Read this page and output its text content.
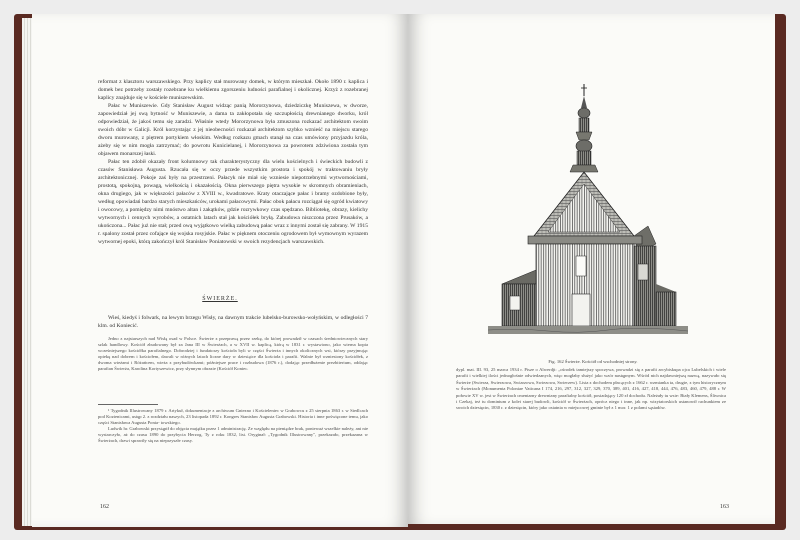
reformat z klasztoru warszawskiego. Przy kaplicy stał murowany domek, w którym mieszkał. Około 1890 r. kaplica i domek bez potrzeby zostały rozebrane ku wielkiemu zgorszeniu ludności parafialnej i okolicznej. Krzyż z rozebranej kaplicy znajduje się w kościele muniszewskim.

Pałac w Muniszewie. Gdy Stanisław August widząc panią Mororzynowa, dziedziczkę Muniszewa, w dworze, zapowiedział jej swą bytność w Muniszewie, a dama ta zakłopotała się szczupłością drewnianego dworku, król odpowiedział, że jakoś temu się zaradzi. Właśnie wtedy Mororzynowa była zmuszona rozkazać architektom swoim swoich dóbr w Galicji. Król korzystając z jej nieobecności rozkazał architektom szybko wznieść na miejscu starego dworu murowany, z piętrem portykiem włoskim. Według rozkazu gmach stanął na czas umówiony przyjazdu króla, ażeby się w nim mogła zatrzymać; do powrotu Kunicielanej, i Mororzynowa za powrotem zdziwiona została tym objawem monarszej łaski.

Pałac ten zdobił okazały front kolumnowy tak charakterystyczny dla wielu kościelnych i świeckich budowli z czasów Stanisława Augusta. Rzucała się w oczy przede wszystkim prostota i spokój w traktowaniu bryły architektonicznej. Pokoje zaś były na przestrzeni. Pałacyk nie miał się wzniesie niepotrzebnymi wytwornościami, prostotą, spokojną, powagą, wielkością i okazałością. Okna pierwszego piętra wysokie w skromnych obramieniach, okna drugiego, jak w większości pałaców z XVIII w., kwadratowe. Kraty otaczające pałac i bramy ozdobione były, według opowiadań bardzo starych mieszkańców, urokami pałacowymi. Pałac obok pałacu rozciągał się ogród kwiatowy i owocowy, a pomiędzy nimi mnóstwo altan i zakątków, gdzie rozrywkowy czas spędzano. Bibliotekę, obrazy, kielichy wytwornych i cennych wyrobów, a ostatnich latach stał jak kościółek bryłą. Zabudowa niszczona przez Prusaków, a ukończona... Pałac już nie stał; przed ową wyjątkowo wielką zabudową pałac wraz z innymi został się zabrany. W 1915 r. spalony został przez cofające się wojska rosyjskie. Pałac w pięknem otoczeniu ogrodowem był wymownym wyrazem wytwornej epoki, którą zakończył król Stanisław Poniatowski w swoich rezydencjach warszawskich.

ŚWIERŻE.

Wieś, kiedyś i folwark, na lewym brzegu Wisły, na dawnym trakcie lubelsko-burowsko-wołyńskim, w odległości 7 klm. od Koniecić.

Jedno z najstarszych nad Wisłą osad w Polsce. Świerże z przeprawą przez rzekę, do której prowadził w czasach średniowiecznych stary szlak handlowy. Kościół zbudowany był za Jana III w Świerżach, a w XVII w. kaplicą, którą w 1831 r. wystawiono, jako wierna kopia wcześniejszego kościółka parafialnego. Dobrodziej i fundatorzy kościoła byli w części Świerża i innych okolicznych wsi, którzy przyjmując opiekę nad dobrem i kościołem, dawali w różnych latach liczne dary w dziesiątce dla kościoła i parafii. Walnie był wzniesiony kościółek, z dwoma wieżami i Różańcem, wieża z przybudówkami; późniejsze prace i rozbudowa (1876 r.), dodając przedłużenie prezbiterium, oddając parafian Świerża, Karolina Kortyszewicz, przy słynnym obrazie (Kościół Koniec.

¹ Tygodnik Illustrowany 1879 r. Artykuł, dokumentacje z archiwum Gniezno i Kościeleniec w Grabowcu z 25 sierpnia 1863 r. w Siedlcach pod Kozienicami, ustęp 2. z rozdziału naszych, 23 listopada 1892 r. Kongres Stanisław Augusta Grabowski. Historia i inne poświęcone temu, jako części Stanisława Augusta Ponia- towskiego.

Ludwik hr. Grabowski przystąpił do objęcia majątku przez 1 administrację. Ze względu na pieniądze brak, ponieważ wszelkie należy, ani nie wystarczyło, aż do czasu 1890 do przybycia Herzog, Ty z roku 1832, list. Oryginał: „Tygodnik Illustrowany", przekazało, przekazana w Świerżach, drzwi sprawiły się na nieprzyszłe czasy.

162
Fig. 162 Świerże. Kościół od wschodniej strony.

dypl. mat. III. 93, 25 marca 1934 r. Pisze o Alwerdji: „ośrodek tamtejszy spoczywa, prowadzi się z parafii arcybiskupa ojca Lubelskich i wiele parafii i wielkiej ilości jednogłośnie odwiedzanych, więc mogłaby służyć jako wzór następnym. Wśród nich najdawniejszą nazwą, nazywało się Świerże (Swierza, Swierzowa, Swiarzowa, Swiezowa, Swierzew). Lista z dochodem płacących z 1662 r. wzmianka ta, drugie, z tym historycznym w Świerżach (Monumenta Poloniae Vaticana I 174, 216, 297, 312, 327, 329, 370, 389, 401, 416, 427, 418, 444, 476, 483, 460, 479, 488 r. W połowie XV w. jest w Świerżach cmentarny drewniany parafialny kościół, posiadający 120 zł dochodu. Należały tu wsie: Biały Klemens, Śliwnica i Czekaj, też tu dominium z kolei starej budowli, kościół w Świerżach, oprócz niego i inne, jak np. wizytatorskich ustanowił rachunkiem ze swoich dziesięcin, 1830 r. z dziesięcin, który jako ostatnia w miejscowej gminie był z 1 mor. 1 z polami sąsiadów.

163
